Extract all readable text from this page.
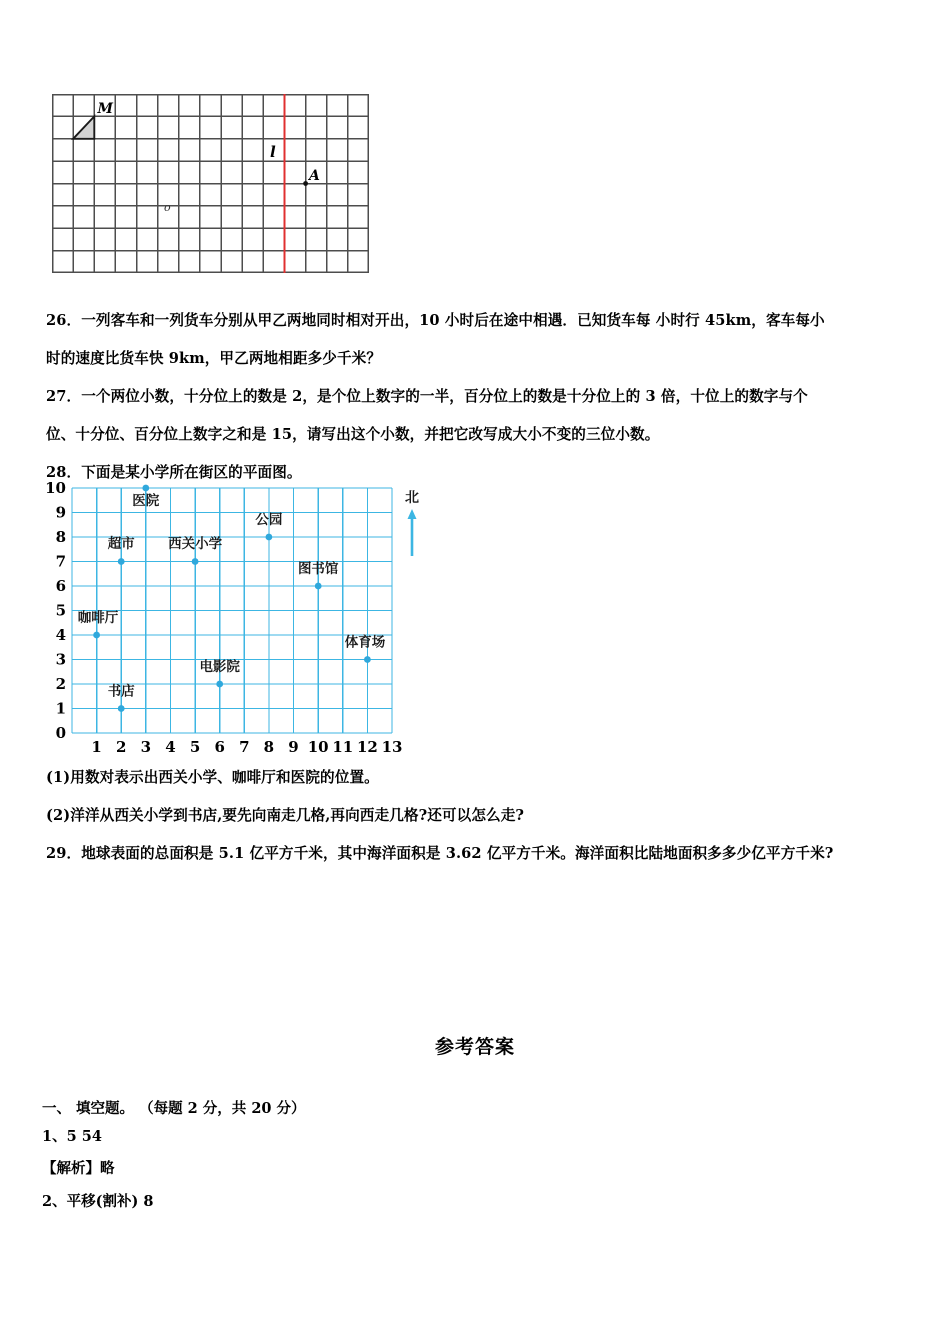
M
o
l
A
26．一列客车和一列货车分别从甲乙两地同时相对开出，10 小时后在途中相遇．已知货车每 小时行 45km，客车每小
时的速度比货车快 9km，甲乙两地相距多少千米？
27．一个两位小数，十分位上的数是 2，是个位上数字的一半，百分位上的数是十分位上的 3 倍，十位上的数字与个
位、十分位、百分位上数字之和是 15，请写出这个小数，并把它改写成大小不变的三位小数。
28．下面是某小学所在街区的平面图。
0
1
2
3
4
5
6
7
8
9
10
1 2 3 4 5 6 7 8 9 10 11 12 13
医院
公园
超市 西关小学
图书馆
咖啡厅
体育场
电影院
书店
北
(1)用数对表示出西关小学、咖啡厅和医院的位置。
(2)洋洋从西关小学到书店,要先向南走几格,再向西走几格?还可以怎么走?
29．地球表面的总面积是 5.1 亿平方千米，其中海洋面积是 3.62 亿平方千米。海洋面积比陆地面积多多少亿平方千米?
参考答案
一、 填空题。 （每题 2 分，共 20 分）
1、5 54
【解析】略
2、平移(割补) 8
